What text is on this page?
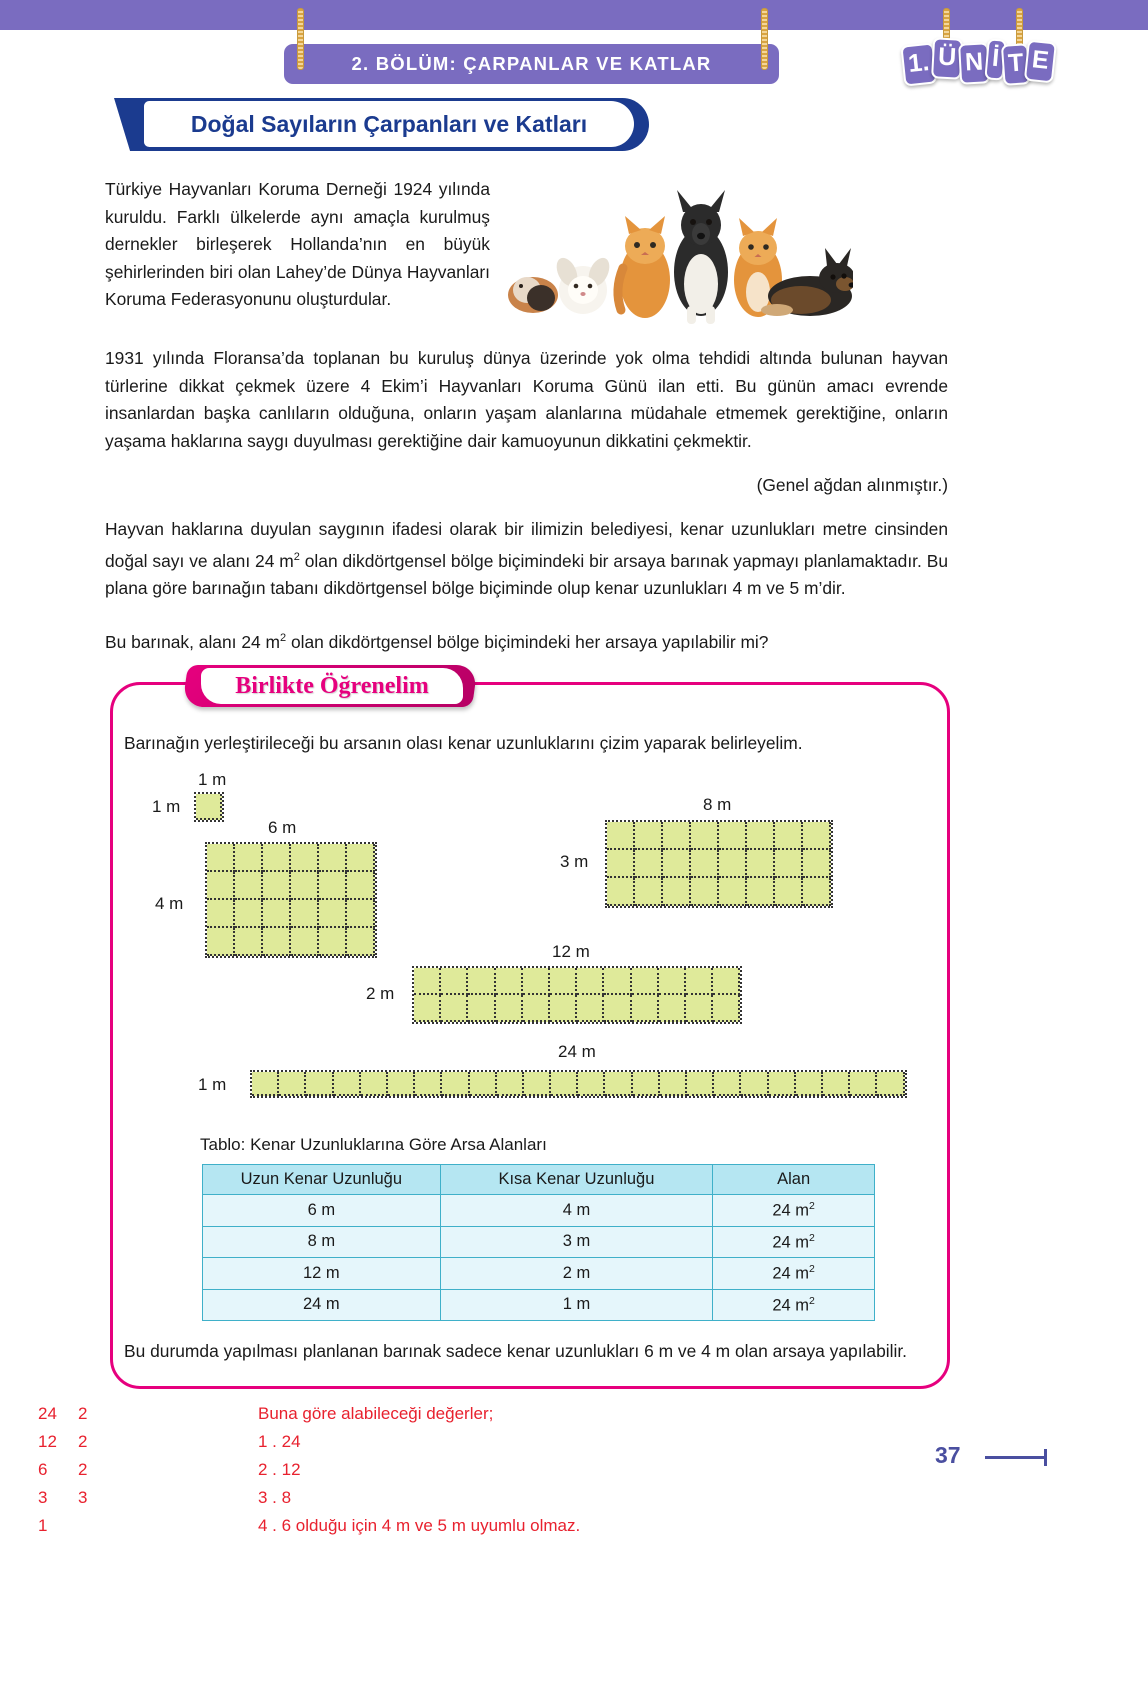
2. BÖLÜM: ÇARPANLAR VE KATLAR	1. Ü N İ T E
Doğal Sayıların Çarpanları ve Katları
Türkiye Hayvanları Koruma Derneği 1924 yılında kuruldu. Farklı ülkelerde aynı amaçla kurulmuş dernekler birleşerek Hollanda’nın en büyük şehirlerinden biri olan Lahey’de Dünya Hayvanları Koruma Federasyonunu oluşturdular.
1931 yılında Floransa’da toplanan bu kuruluş dünya üzerinde yok olma tehdidi altında bulunan hayvan türlerine dikkat çekmek üzere 4 Ekim’i Hayvanları Koruma Günü ilan etti. Bu günün amacı evrende insanlardan başka canlıların olduğuna, onların yaşam alanlarına müdahale etmemek gerektiğine, onların yaşama haklarına saygı duyulması gerektiğine dair kamuoyunun dikkatini çekmektir.
(Genel ağdan alınmıştır.)
Hayvan haklarına duyulan saygının ifadesi olarak bir ilimizin belediyesi, kenar uzunlukları metre cinsinden doğal sayı ve alanı 24 $m^2$ olan dikdörtgensel bölge biçimindeki bir arsaya barınak yapmayı planlamaktadır. Bu plana göre barınağın tabanı dikdörtgensel bölge biçiminde olup kenar uzunlukları 4 m ve 5 m’dir.
Bu barınak, alanı 24 $m^2$ olan dikdörtgensel bölge biçimindeki her arsaya yapılabilir mi?
Birlikte Öğrenelim
Barınağın yerleştirileceği bu arsanın olası kenar uzunluklarını çizim yaparak belirleyelim.
1 m
1 m
6 m
4 m
8 m
3 m
12 m
2 m
24 m
1 m
Tablo: Kenar Uzunluklarına Göre Arsa Alanları
Uzun Kenar Uzunluğu	Kısa Kenar Uzunluğu	Alan
6 m	4 m	24 $m^2$
8 m	3 m	24 $m^2$
12 m	2 m	24 $m^2$
24 m	1 m	24 $m^2$
Bu durumda yapılması planlanan barınak sadece kenar uzunlukları 6 m ve 4 m olan arsaya yapılabilir.
24 2
12 2
6 2
3 3
1
Buna göre alabileceği değerler;
1 . 24
2 . 12
3 . 8
4 . 6 olduğu için 4 m ve 5 m uyumlu olmaz.
37
